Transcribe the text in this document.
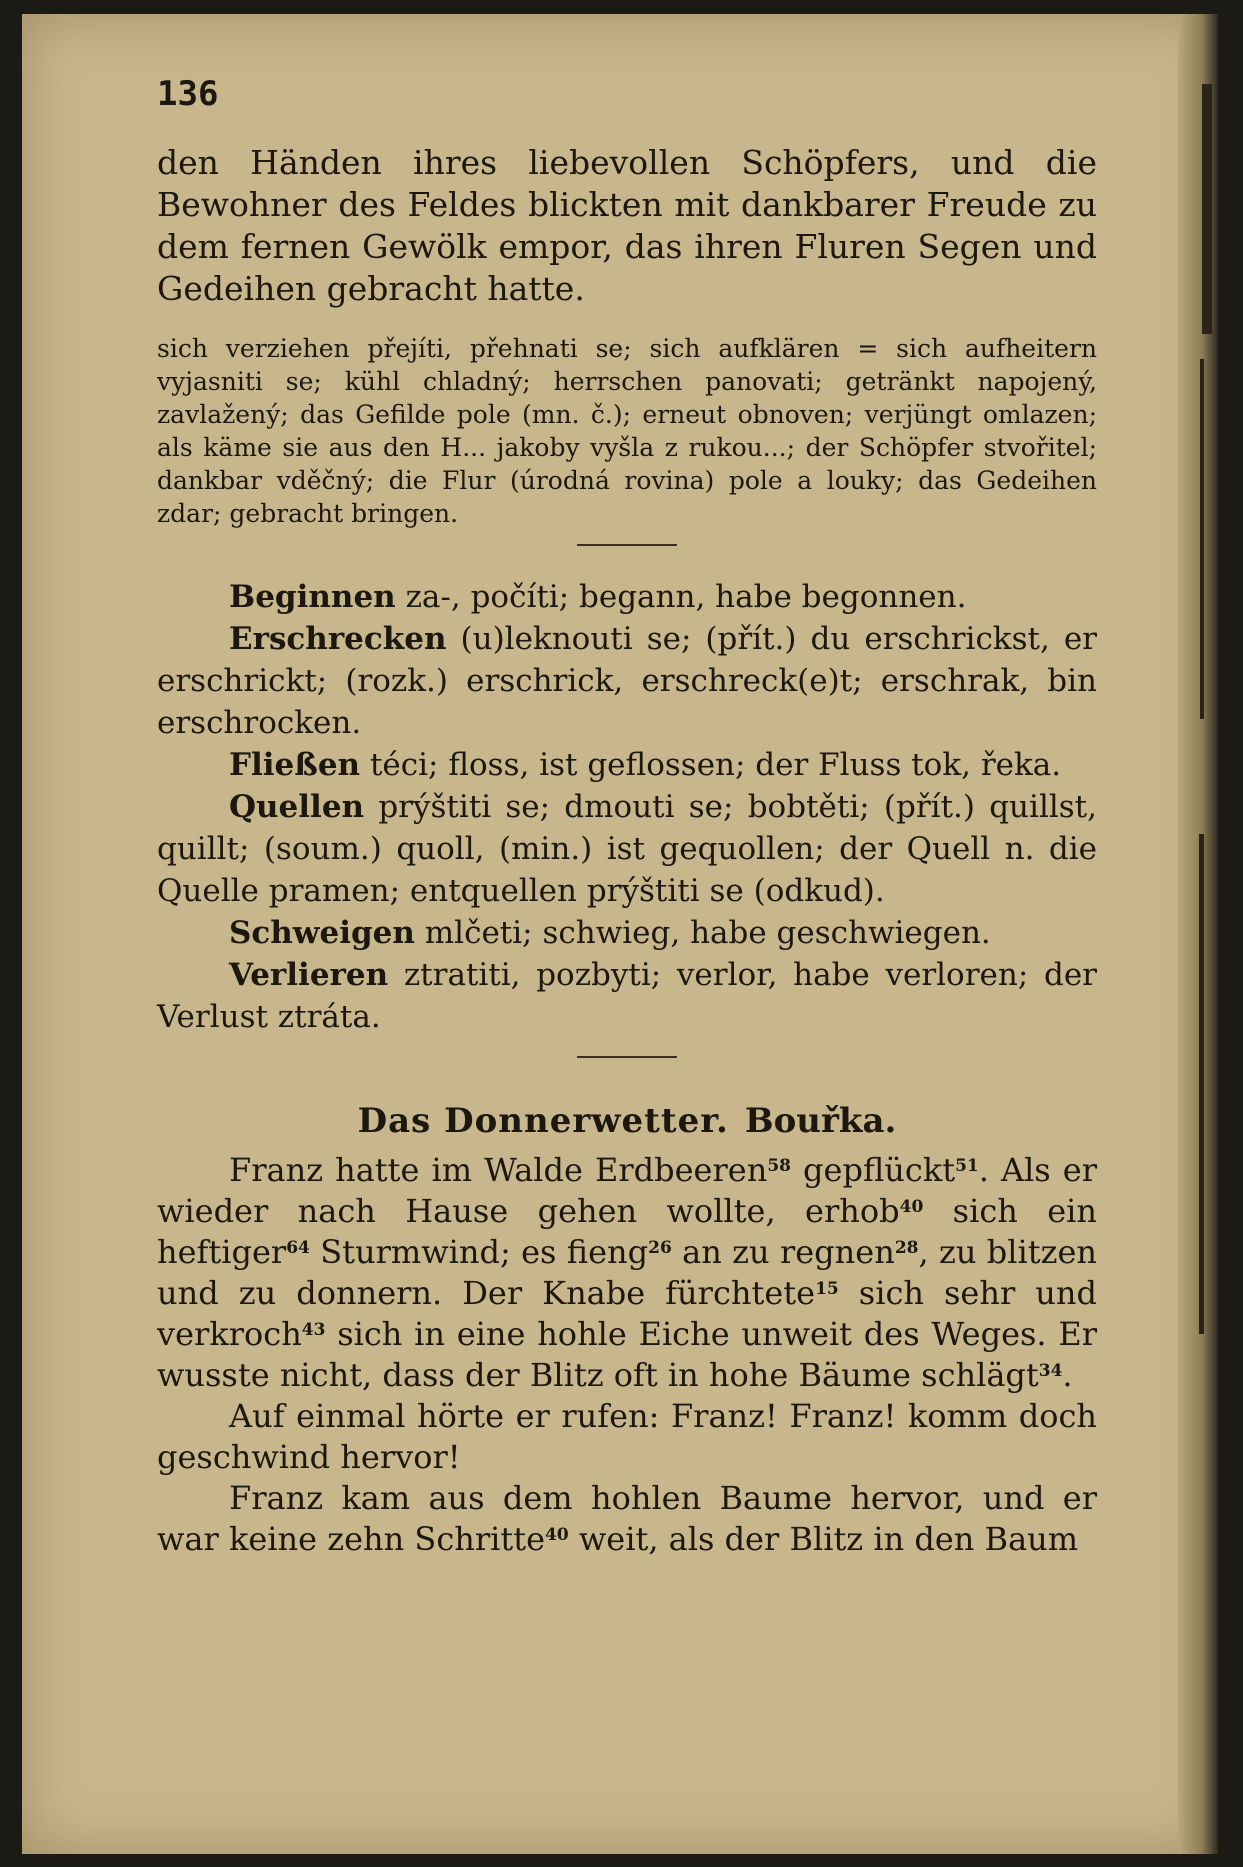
136

den Händen ihres liebevollen Schöpfers, und die Bewohner des Feldes blickten mit dankbarer Freude zu dem fernen Gewölk empor, das ihren Fluren Segen und Gedeihen gebracht hatte.

sich verziehen přejíti, přehnati se; sich aufklären = sich aufheitern vyjasniti se; kühl chladný; herrschen panovati; getränkt napojený, zavlažený; das Gefilde pole (mn. č.); erneut obnoven; verjüngt omlazen; als käme sie aus den H... jakoby vyšla z rukou...; der Schöpfer stvořitel; dankbar vděčný; die Flur (úrodná rovina) pole a louky; das Gedeihen zdar; gebracht bringen.

Beginnen za-, počíti; begann, habe begonnen.

Erschrecken (u)leknouti se; (přít.) du erschrickst, er erschrickt; (rozk.) erschrick, erschreck(e)t; erschrak, bin erschrocken.

Fließen téci; floss, ist geflossen; der Fluss tok, řeka.

Quellen prýštiti se; dmouti se; bobtěti; (přít.) quillst, quillt; (soum.) quoll, (min.) ist gequollen; der Quell n. die Quelle pramen; entquellen prýštiti se (odkud).

Schweigen mlčeti; schwieg, habe geschwiegen.

Verlieren ztratiti, pozbyti; verlor, habe verloren; der Verlust ztráta.

Das Donnerwetter. Bouřka.

Franz hatte im Walde Erdbeeren$^{58}$ gepflückt$^{51}$. Als er wieder nach Hause gehen wollte, erhob$^{40}$ sich ein heftiger$^{64}$ Sturmwind; es fieng$^{26}$ an zu regnen$^{28}$, zu blitzen und zu donnern. Der Knabe fürchtete$^{15}$ sich sehr und verkroch$^{43}$ sich in eine hohle Eiche unweit des Weges. Er wusste nicht, dass der Blitz oft in hohe Bäume schlägt$^{34}$.

Auf einmal hörte er rufen: Franz! Franz! komm doch geschwind hervor!

Franz kam aus dem hohlen Baume hervor, und er war keine zehn Schritte$^{40}$ weit, als der Blitz in den Baum
